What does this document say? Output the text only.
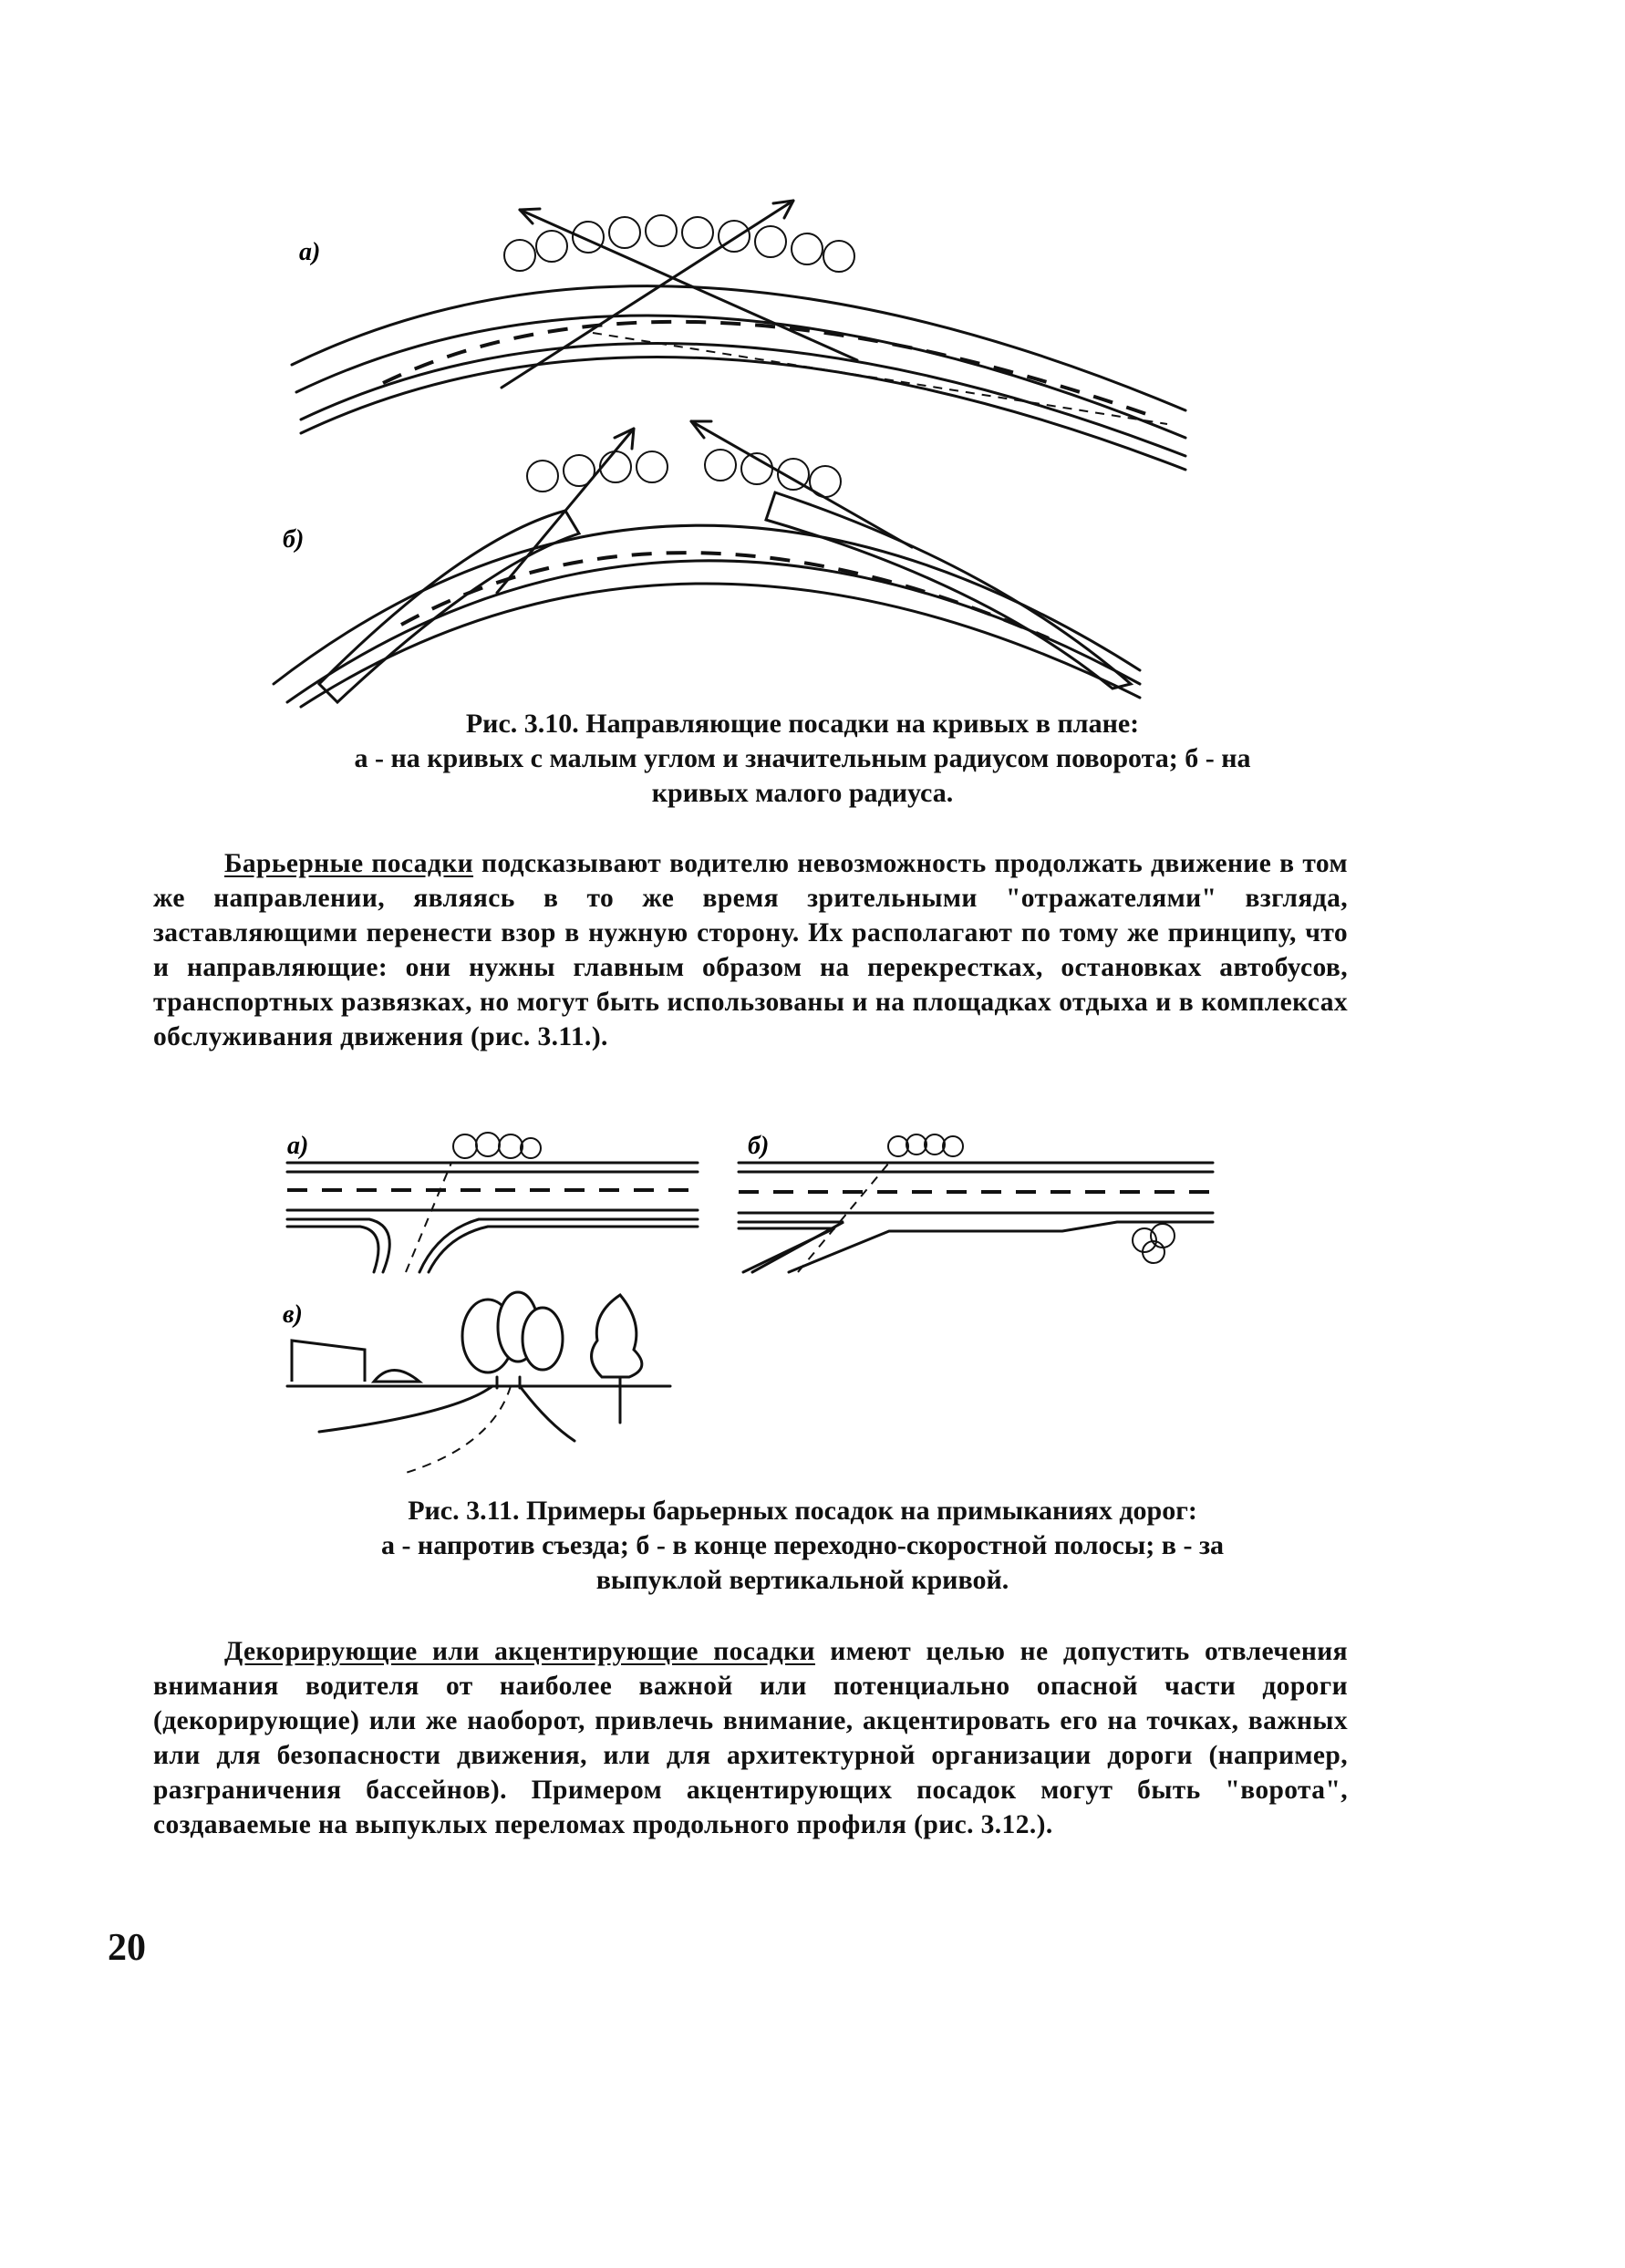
а)
б)
Рис. 3.10. Направляющие посадки на кривых в плане:
а - на кривых с малым углом и значительным радиусом поворота; б - на
кривых малого радиуса.
Барьерные посадки подсказывают водителю невозможность продолжать движение в том же направлении, являясь в то же время зрительными "отражателями" взгляда, заставляющими перенести взор в нужную сторону. Их располагают по тому же принципу, что и направляющие: они нужны главным образом на перекрестках, остановках автобусов, транспортных развязках, но могут быть использованы и на площадках отдыха и в комплексах обслуживания движения (рис. 3.11.).
а)	б)
в)
Рис. 3.11. Примеры барьерных посадок на примыканиях дорог:
а - напротив съезда; б - в конце переходно-скоростной полосы; в - за
выпуклой вертикальной кривой.
Декорирующие или акцентирующие посадки имеют целью не допустить отвлечения внимания водителя от наиболее важной или потенциально опасной части дороги (декорирующие) или же наоборот, привлечь внимание, акцентировать его на точках, важных или для безопасности движения, или для архитектурной организации дороги (например, разграничения бассейнов). Примером акцентирующих посадок могут быть "ворота", создаваемые на выпуклых переломах продольного профиля (рис. 3.12.).
20
